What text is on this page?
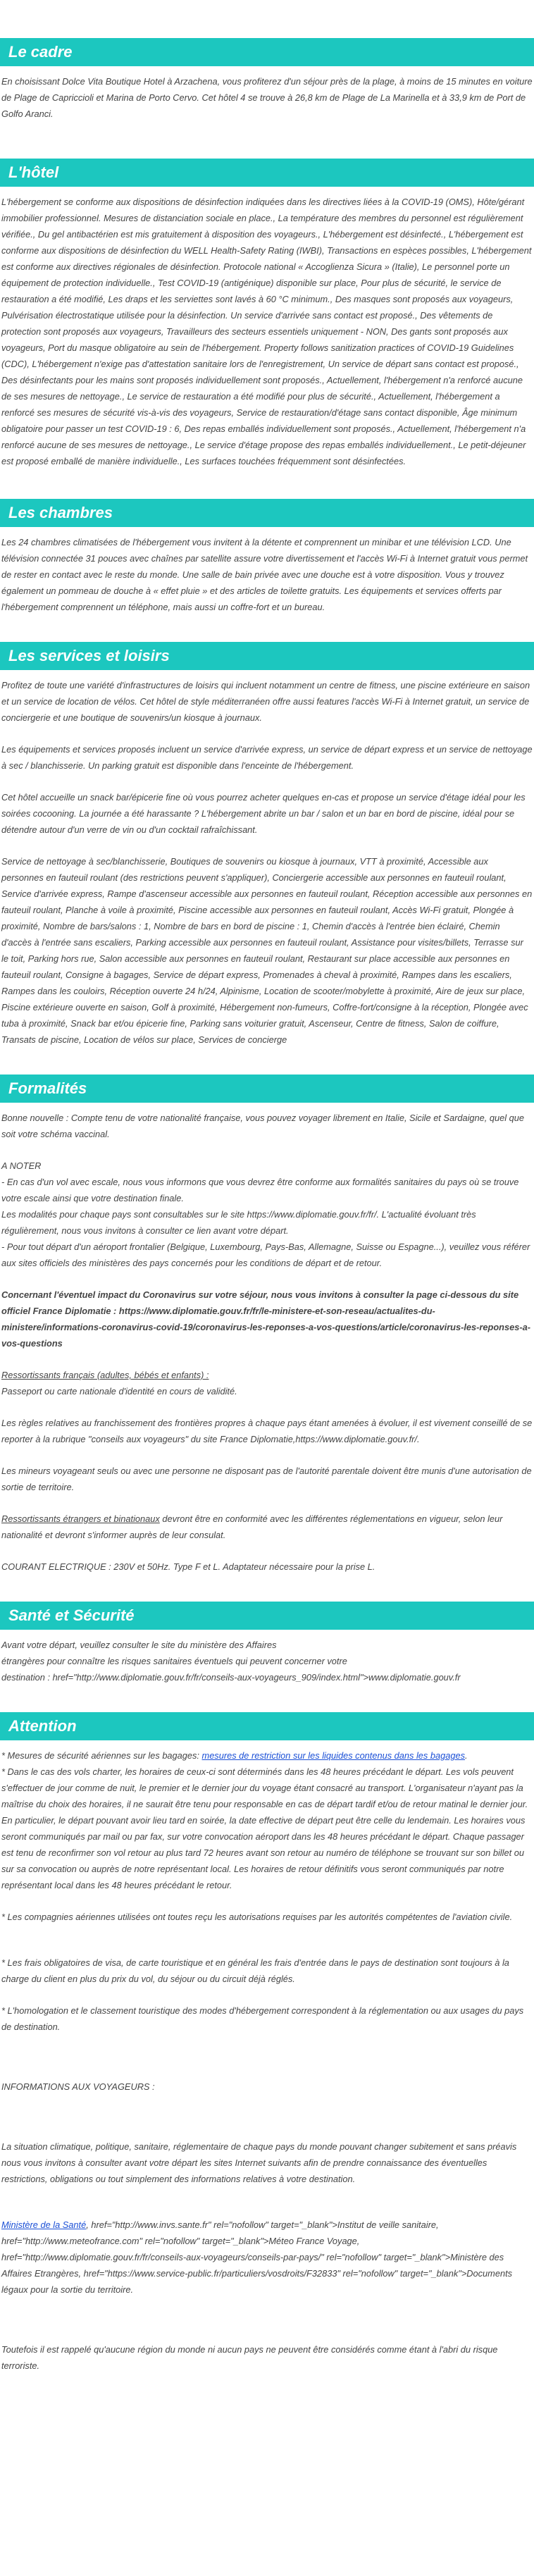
Le cadre

En choisissant Dolce Vita Boutique Hotel à Arzachena, vous profiterez d'un séjour près de la plage, à moins de 15 minutes en voiture de Plage de Capriccioli et Marina de Porto Cervo. Cet hôtel 4 se trouve à 26,8 km de Plage de La Marinella et à 33,9 km de Port de Golfo Aranci.

L'hôtel

L'hébergement se conforme aux dispositions de désinfection indiquées dans les directives liées à la COVID-19 (OMS), Hôte/gérant immobilier professionnel. Mesures de distanciation sociale en place., La température des membres du personnel est régulièrement vérifiée., Du gel antibactérien est mis gratuitement à disposition des voyageurs., L'hébergement est désinfecté., L'hébergement est conforme aux dispositions de désinfection du WELL Health-Safety Rating (IWBI), Transactions en espèces possibles, L'hébergement est conforme aux directives régionales de désinfection. Protocole national « Accoglienza Sicura » (Italie), Le personnel porte un équipement de protection individuelle., Test COVID-19 (antigénique) disponible sur place, Pour plus de sécurité, le service de restauration a été modifié, Les draps et les serviettes sont lavés à 60 °C minimum., Des masques sont proposés aux voyageurs, Pulvérisation électrostatique utilisée pour la désinfection. Un service d'arrivée sans contact est proposé., Des vêtements de protection sont proposés aux voyageurs, Travailleurs des secteurs essentiels uniquement - NON, Des gants sont proposés aux voyageurs, Port du masque obligatoire au sein de l'hébergement. Property follows sanitization practices of COVID-19 Guidelines (CDC), L'hébergement n'exige pas d'attestation sanitaire lors de l'enregistrement, Un service de départ sans contact est proposé., Des désinfectants pour les mains sont proposés individuellement sont proposés., Actuellement, l'hébergement n'a renforcé aucune de ses mesures de nettoyage., Le service de restauration a été modifié pour plus de sécurité., Actuellement, l'hébergement a renforcé ses mesures de sécurité vis-à-vis des voyageurs, Service de restauration/d'étage sans contact disponible, Âge minimum obligatoire pour passer un test COVID-19 : 6, Des repas emballés individuellement sont proposés., Actuellement, l'hébergement n'a renforcé aucune de ses mesures de nettoyage., Le service d'étage propose des repas emballés individuellement., Le petit-déjeuner est proposé emballé de manière individuelle., Les surfaces touchées fréquemment sont désinfectées.

Les chambres

Les 24 chambres climatisées de l'hébergement vous invitent à la détente et comprennent un minibar et une télévision LCD. Une télévision connectée 31 pouces avec chaînes par satellite assure votre divertissement et l'accès Wi-Fi à Internet gratuit vous permet de rester en contact avec le reste du monde. Une salle de bain privée avec une douche est à votre disposition. Vous y trouvez également un pommeau de douche à « effet pluie » et des articles de toilette gratuits. Les équipements et services offerts par l'hébergement comprennent un téléphone, mais aussi un coffre-fort et un bureau.

Les services et loisirs

Profitez de toute une variété d'infrastructures de loisirs qui incluent notamment un centre de fitness, une piscine extérieure en saison et un service de location de vélos. Cet hôtel de style méditerranéen offre aussi features l'accès Wi-Fi à Internet gratuit, un service de conciergerie et une boutique de souvenirs/un kiosque à journaux.

Les équipements et services proposés incluent un service d'arrivée express, un service de départ express et un service de nettoyage à sec / blanchisserie. Un parking gratuit est disponible dans l'enceinte de l'hébergement.

Cet hôtel accueille un snack bar/épicerie fine où vous pourrez acheter quelques en-cas et propose un service d'étage idéal pour les soirées cocooning. La journée a été harassante ? L'hébergement abrite un bar / salon et un bar en bord de piscine, idéal pour se détendre autour d'un verre de vin ou d'un cocktail rafraîchissant.

Service de nettoyage à sec/blanchisserie, Boutiques de souvenirs ou kiosque à journaux, VTT à proximité, Accessible aux personnes en fauteuil roulant (des restrictions peuvent s'appliquer), Conciergerie accessible aux personnes en fauteuil roulant, Service d'arrivée express, Rampe d'ascenseur accessible aux personnes en fauteuil roulant, Réception accessible aux personnes en fauteuil roulant, Planche à voile à proximité, Piscine accessible aux personnes en fauteuil roulant, Accès Wi-Fi gratuit, Plongée à proximité, Nombre de bars/salons : 1, Nombre de bars en bord de piscine : 1, Chemin d'accès à l'entrée bien éclairé, Chemin d'accès à l'entrée sans escaliers, Parking accessible aux personnes en fauteuil roulant, Assistance pour visites/billets, Terrasse sur le toit, Parking hors rue, Salon accessible aux personnes en fauteuil roulant, Restaurant sur place accessible aux personnes en fauteuil roulant, Consigne à bagages, Service de départ express, Promenades à cheval à proximité, Rampes dans les escaliers, Rampes dans les couloirs, Réception ouverte 24 h/24, Alpinisme, Location de scooter/mobylette à proximité, Aire de jeux sur place, Piscine extérieure ouverte en saison, Golf à proximité, Hébergement non-fumeurs, Coffre-fort/consigne à la réception, Plongée avec tuba à proximité, Snack bar et/ou épicerie fine, Parking sans voiturier gratuit, Ascenseur, Centre de fitness, Salon de coiffure, Transats de piscine, Location de vélos sur place, Services de concierge

Formalités

Bonne nouvelle : Compte tenu de votre nationalité française, vous pouvez voyager librement en Italie, Sicile et Sardaigne, quel que soit votre schéma vaccinal.

A NOTER

- En cas d'un vol avec escale, nous vous informons que vous devrez être conforme aux formalités sanitaires du pays où se trouve votre escale ainsi que votre destination finale.
Les modalités pour chaque pays sont consultables sur le site https://www.diplomatie.gouv.fr/fr/. L'actualité évoluant très régulièrement, nous vous invitons à consulter ce lien avant votre départ.
- Pour tout départ d'un aéroport frontalier (Belgique, Luxembourg, Pays-Bas, Allemagne, Suisse ou Espagne...), veuillez vous référer aux sites officiels des ministères des pays concernés pour les conditions de départ et de retour.

Concernant l'éventuel impact du Coronavirus sur votre séjour, nous vous invitons à consulter la page ci-dessous du site officiel France Diplomatie : https://www.diplomatie.gouv.fr/fr/le-ministere-et-son-reseau/actualites-du-ministere/informations-coronavirus-covid-19/coronavirus-les-reponses-a-vos-questions/article/coronavirus-les-reponses-a-vos-questions

Ressortissants français (adultes, bébés et enfants) :
Passeport ou carte nationale d'identité en cours de validité.

Les règles relatives au franchissement des frontières propres à chaque pays étant amenées à évoluer, il est vivement conseillé de se reporter à la rubrique "conseils aux voyageurs" du site France Diplomatie,https://www.diplomatie.gouv.fr/.

Les mineurs voyageant seuls ou avec une personne ne disposant pas de l'autorité parentale doivent être munis d'une autorisation de sortie de territoire.

Ressortissants étrangers et binationaux devront être en conformité avec les différentes réglementations en vigueur, selon leur nationalité et devront s'informer auprès de leur consulat.

COURANT ELECTRIQUE : 230V et 50Hz. Type F et L. Adaptateur nécessaire pour la prise L.

Santé et Sécurité

Avant votre départ, veuillez consulter le site du ministère des Affaires
étrangères pour connaître les risques sanitaires éventuels qui peuvent concerner votre
destination : href="http://www.diplomatie.gouv.fr/fr/conseils-aux-voyageurs_909/index.html">www.diplomatie.gouv.fr

Attention

* Mesures de sécurité aériennes sur les bagages: mesures de restriction sur les liquides contenus dans les bagages.

* Dans le cas des vols charter, les horaires de ceux-ci sont déterminés dans les 48 heures précédant le départ. Les vols peuvent s'effectuer de jour comme de nuit, le premier et le dernier jour du voyage étant consacré au transport. L'organisateur n'ayant pas la maîtrise du choix des horaires, il ne saurait être tenu pour responsable en cas de départ tardif et/ou de retour matinal le dernier jour. En particulier, le départ pouvant avoir lieu tard en soirée, la date effective de départ peut être celle du lendemain. Les horaires vous seront communiqués par mail ou par fax, sur votre convocation aéroport dans les 48 heures précédant le départ. Chaque passager est tenu de reconfirmer son vol retour au plus tard 72 heures avant son retour au numéro de téléphone se trouvant sur son billet ou sur sa convocation ou auprès de notre représentant local. Les horaires de retour définitifs vous seront communiqués par notre représentant local dans les 48 heures précédant le retour.

* Les compagnies aériennes utilisées ont toutes reçu les autorisations requises par les autorités compétentes de l'aviation civile.

* Les frais obligatoires de visa, de carte touristique et en général les frais d'entrée dans le pays de destination sont toujours à la charge du client en plus du prix du vol, du séjour ou du circuit déjà réglés.

* L'homologation et le classement touristique des modes d'hébergement correspondent à la réglementation ou aux usages du pays de destination.

INFORMATIONS AUX VOYAGEURS :

La situation climatique, politique, sanitaire, réglementaire de chaque pays du monde pouvant changer subitement et sans préavis
nous vous invitons à consulter avant votre départ les sites Internet suivants afin de prendre connaissance des éventuelles restrictions, obligations ou tout simplement des informations relatives à votre destination.

Ministère de la Santé, href="http://www.invs.sante.fr" rel="nofollow" target="_blank">Institut de veille sanitaire, href="http://www.meteofrance.com" rel="nofollow" target="_blank">Méteo France Voyage, href="http://www.diplomatie.gouv.fr/fr/conseils-aux-voyageurs/conseils-par-pays/" rel="nofollow" target="_blank">Ministère des Affaires Etrangères, href="https://www.service-public.fr/particuliers/vosdroits/F32833" rel="nofollow" target="_blank">Documents légaux pour la sortie du territoire.

Toutefois il est rappelé qu'aucune région du monde ni aucun pays ne peuvent être considérés comme étant à l'abri du risque terroriste.
